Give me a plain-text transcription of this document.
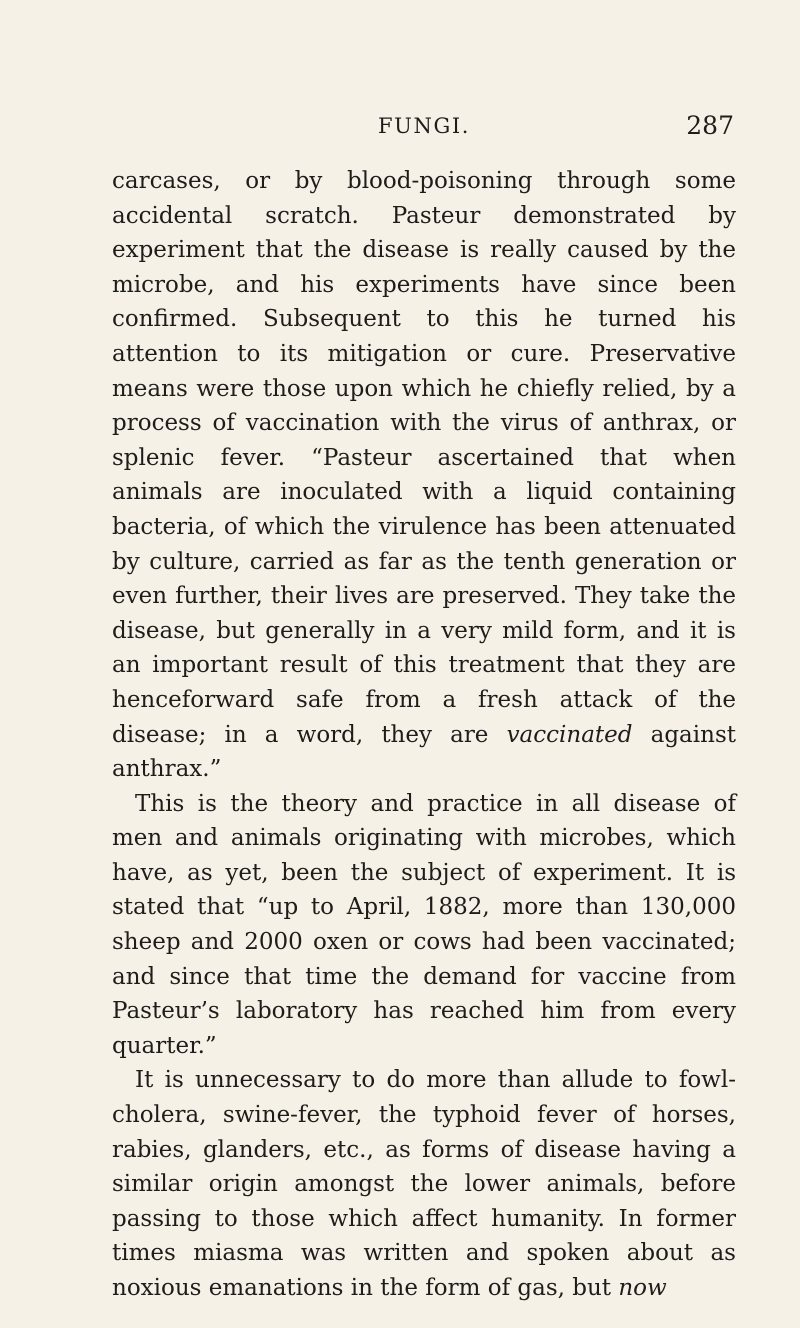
FUNGI.	287

carcases, or by blood-poisoning through some accidental scratch. Pasteur demonstrated by experiment that the disease is really caused by the microbe, and his experiments have since been confirmed. Subsequent to this he turned his attention to its mitigation or cure. Preservative means were those upon which he chiefly relied, by a process of vaccination with the virus of anthrax, or splenic fever. “Pasteur ascertained that when animals are inoculated with a liquid containing bacteria, of which the virulence has been attenuated by culture, carried as far as the tenth generation or even further, their lives are preserved. They take the disease, but generally in a very mild form, and it is an important result of this treatment that they are henceforward safe from a fresh attack of the disease; in a word, they are vaccinated against anthrax.”

This is the theory and practice in all disease of men and animals originating with microbes, which have, as yet, been the subject of experiment. It is stated that “up to April, 1882, more than 130,000 sheep and 2000 oxen or cows had been vaccinated; and since that time the demand for vaccine from Pasteur’s laboratory has reached him from every quarter.”

It is unnecessary to do more than allude to fowl-cholera, swine-fever, the typhoid fever of horses, rabies, glanders, etc., as forms of disease having a similar origin amongst the lower animals, before passing to those which affect humanity. In former times miasma was written and spoken about as noxious emanations in the form of gas, but now
